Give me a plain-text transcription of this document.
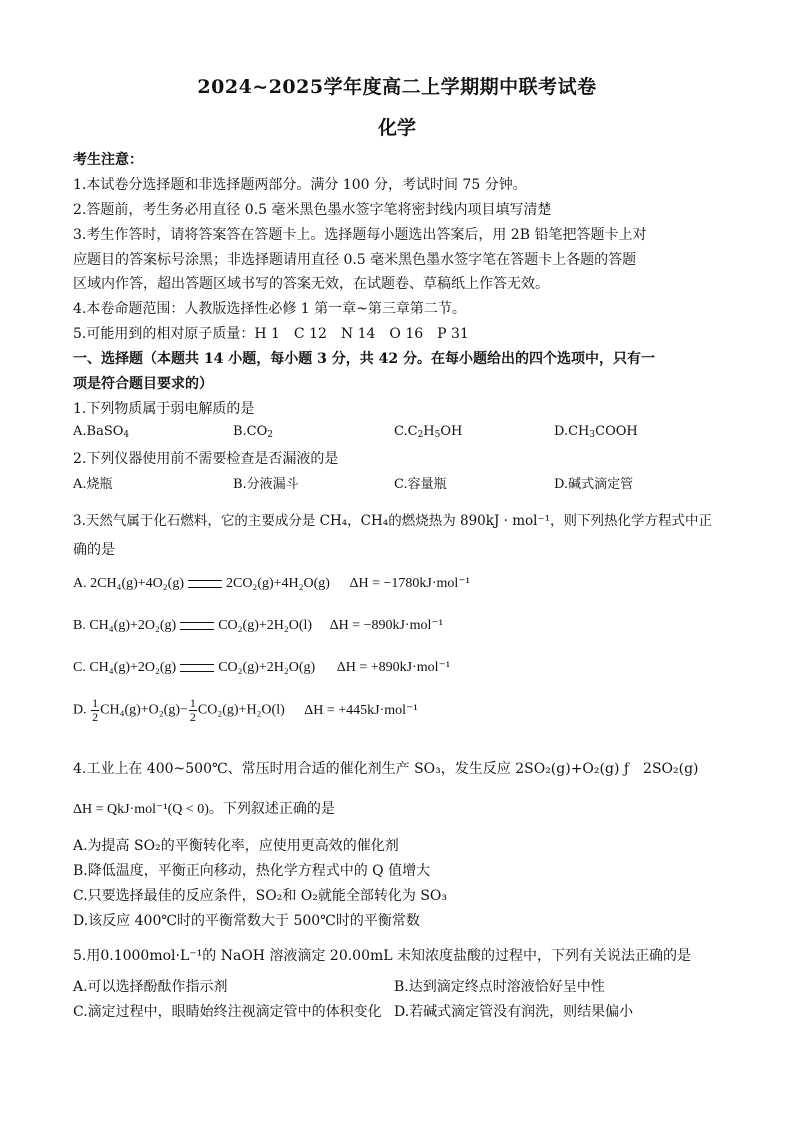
2024~2025学年度高二上学期期中联考试卷
化学
考生注意：
1.本试卷分选择题和非选择题两部分。满分 100 分，考试时间 75 分钟。
2.答题前，考生务必用直径 0.5 毫米黑色墨水签字笔将密封线内项目填写清楚
3.考生作答时，请将答案答在答题卡上。选择题每小题选出答案后，用 2B 铅笔把答题卡上对
应题目的答案标号涂黑；非选择题请用直径 0.5 毫米黑色墨水签字笔在答题卡上各题的答题
区域内作答，超出答题区域书写的答案无效，在试题卷、草稿纸上作答无效。
4.本卷命题范围：人教版选择性必修 1 第一章~第三章第二节。
5.可能用到的相对原子质量：H 1　C 12　N 14　O 16　P 31
一、选择题（本题共 14 小题，每小题 3 分，共 42 分。在每小题给出的四个选项中，只有一
项是符合题目要求的）
1.下列物质属于弱电解质的是
A.BaSO$_4$	$B.CO_2$	$C.C_2H_5OH$	$D.CH_3COOH$
2.下列仪器使用前不需要检查是否漏液的是
A.烧瓶	B.分液漏斗	C.容量瓶	D.碱式滴定管
3.天然气属于化石燃料，它的主要成分是 CH₄，CH₄的燃烧热为 890kJ · mol⁻¹，则下列热化学方程式中正
确的是
A. 2CH₄(g)+4O₂(g)	2CO₂(g)+4H₂O(g) ΔH = −1780kJ·mol⁻¹
B. CH₄(g)+2O₂(g)	CO₂(g)+2H₂O(l) ΔH = −890kJ·mol⁻¹
C. CH₄(g)+2O₂(g)	CO₂(g)+2H₂O(g) ΔH = +890kJ·mol⁻¹
D. $\frac{1}{2} CH_4(g)+O_2(g)- \frac{1}{2} CO_2(g)+H_2O(l) \Delta H = +445kJ\cdot mol^{-1}$
4.工业上在 400~500℃、常压时用合适的催化剂生产 SO₃，发生反应 2SO₂(g)+O₂(g) ƒ　2SO₂(g)
ΔH = QkJ·mol⁻¹(Q < 0)。下列叙述正确的是
A.为提高 SO₂的平衡转化率，应使用更高效的催化剂
B.降低温度，平衡正向移动，热化学方程式中的 Q 值增大
C.只要选择最佳的反应条件，SO₂和 O₂就能全部转化为 SO₃
D.该反应 400℃时的平衡常数大于 500℃时的平衡常数
5.用0.1000mol·L⁻¹的 NaOH 溶液滴定 20.00mL 未知浓度盐酸的过程中，下列有关说法正确的是
A.可以选择酚酞作指示剂	B.达到滴定终点时溶液恰好呈中性
C.滴定过程中，眼睛始终注视滴定管中的体积变化 D.若碱式滴定管没有润洗，则结果偏小
